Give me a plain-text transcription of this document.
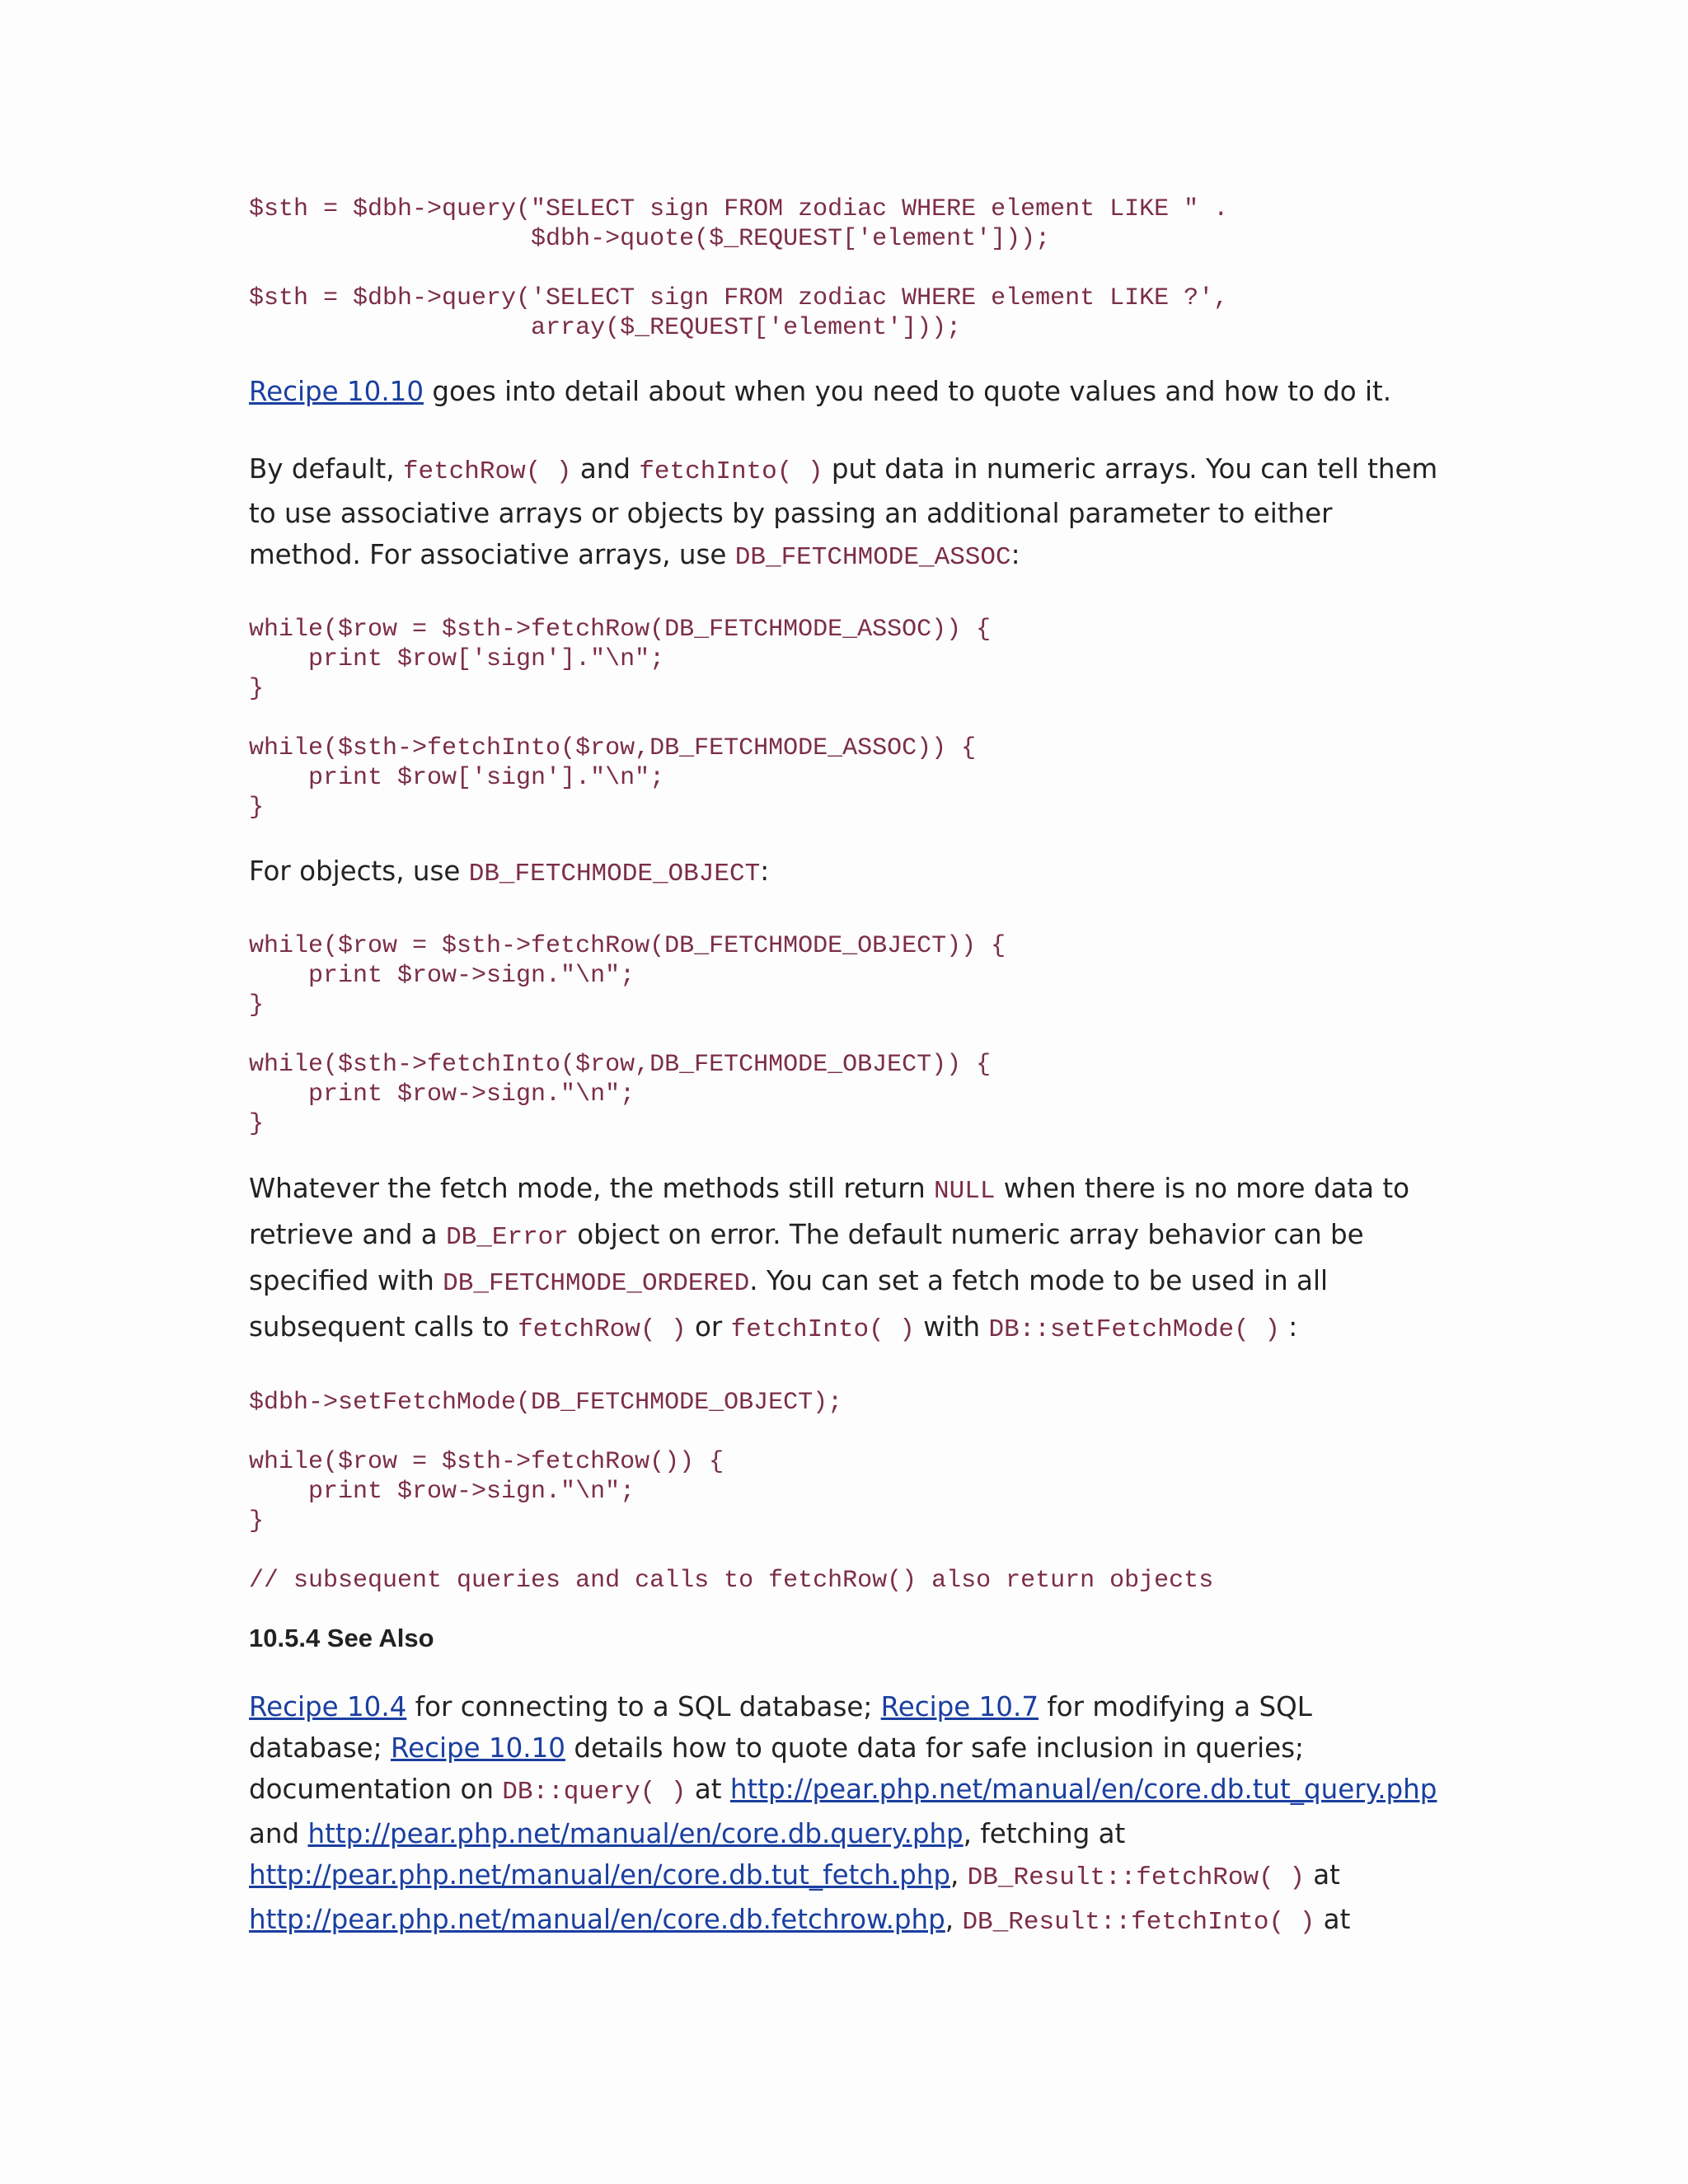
$sth = $dbh->query("SELECT sign FROM zodiac WHERE element LIKE " .
$dbh->quote($_REQUEST['element']));
$sth = $dbh->query('SELECT sign FROM zodiac WHERE element LIKE ?',
array($_REQUEST['element']));

Recipe 10.10 goes into detail about when you need to quote values and how to do it.

By default, fetchRow( ) and fetchInto( ) put data in numeric arrays. You can tell them to use associative arrays or objects by passing an additional parameter to either method. For associative arrays, use DB_FETCHMODE_ASSOC:

while($row = $sth->fetchRow(DB_FETCHMODE_ASSOC)) {
print $row['sign']."\n";
}
while($sth->fetchInto($row,DB_FETCHMODE_ASSOC)) {
print $row['sign']."\n";
}

For objects, use DB_FETCHMODE_OBJECT:

while($row = $sth->fetchRow(DB_FETCHMODE_OBJECT)) {
print $row->sign."\n";
}
while($sth->fetchInto($row,DB_FETCHMODE_OBJECT)) {
print $row->sign."\n";
}

Whatever the fetch mode, the methods still return NULL when there is no more data to retrieve and a DB_Error object on error. The default numeric array behavior can be specified with DB_FETCHMODE_ORDERED. You can set a fetch mode to be used in all subsequent calls to fetchRow( ) or fetchInto( ) with DB::setFetchMode( ) :

$dbh->setFetchMode(DB_FETCHMODE_OBJECT);
while($row = $sth->fetchRow()) {
print $row->sign."\n";
}
// subsequent queries and calls to fetchRow() also return objects
10.5.4 See Also

Recipe 10.4 for connecting to a SQL database; Recipe 10.7 for modifying a SQL database; Recipe 10.10 details how to quote data for safe inclusion in queries; documentation on DB::query( ) at http://pear.php.net/manual/en/core.db.tut_query.php and http://pear.php.net/manual/en/core.db.query.php, fetching at http://pear.php.net/manual/en/core.db.tut_fetch.php, DB_Result::fetchRow( ) at http://pear.php.net/manual/en/core.db.fetchrow.php, DB_Result::fetchInto( ) at
